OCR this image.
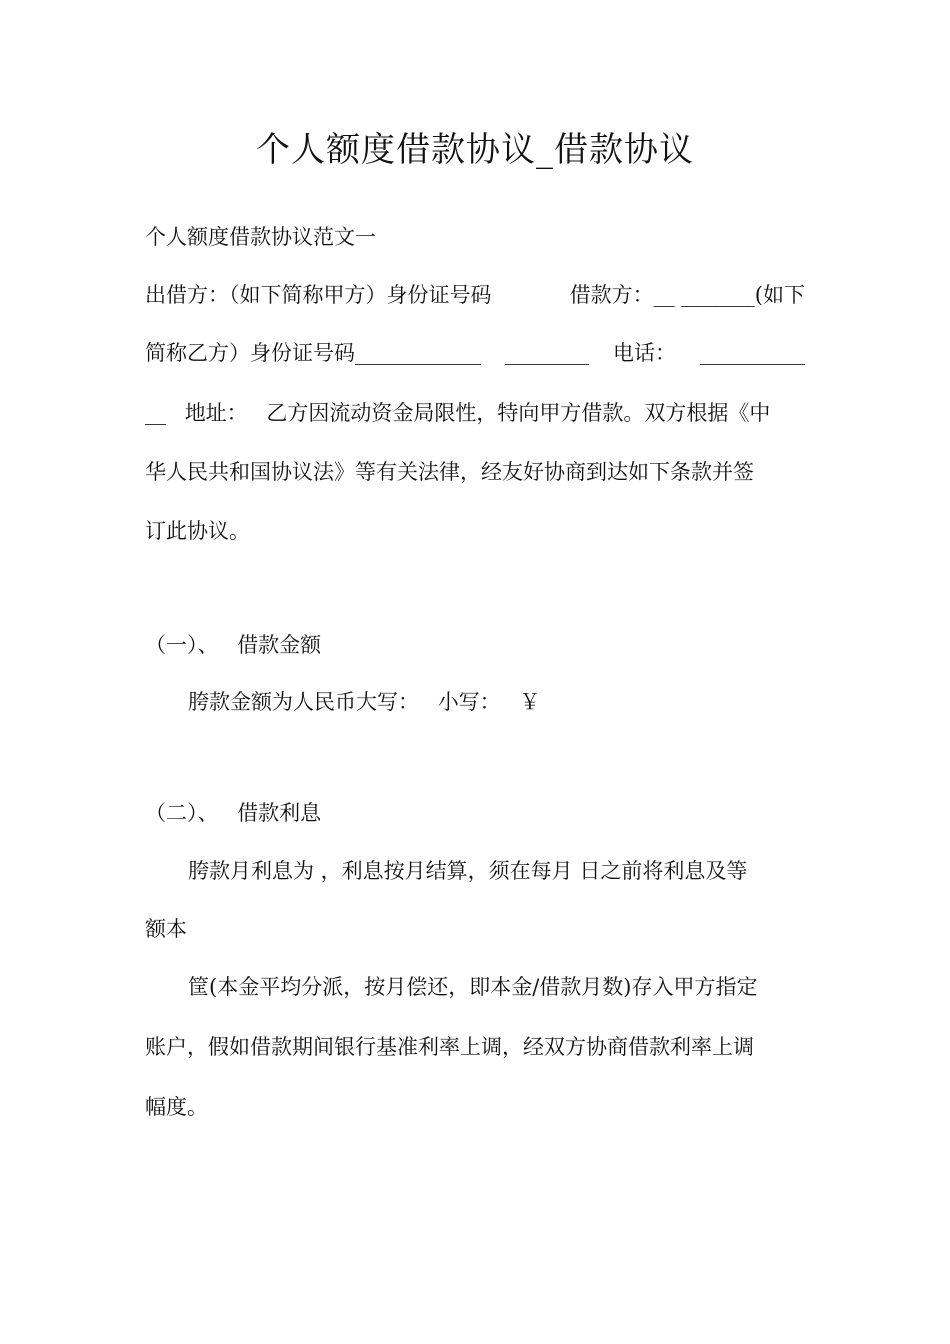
个人额度借款协议_借款协议
个人额度借款协议范文一
出借方：（如下简称甲方）身份证号码	借款方：__ _______(如下
简称乙方）身份证号码____________ ________ 电话： __________
__ 地址： 乙方因流动资金局限性，特向甲方借款。双方根据《中
华人民共和国协议法》等有关法律，经友好协商到达如下条款并签
订此协议。
（一）、 借款金额
胯款金额为人民币大写： 小写： ￥
（二）、 借款利息
胯款月利息为 ，利息按月结算，须在每月 日之前将利息及等
额本
筐(本金平均分派，按月偿还，即本金/借款月数)存入甲方指定
账户，假如借款期间银行基准利率上调，经双方协商借款利率上调
幅度。
